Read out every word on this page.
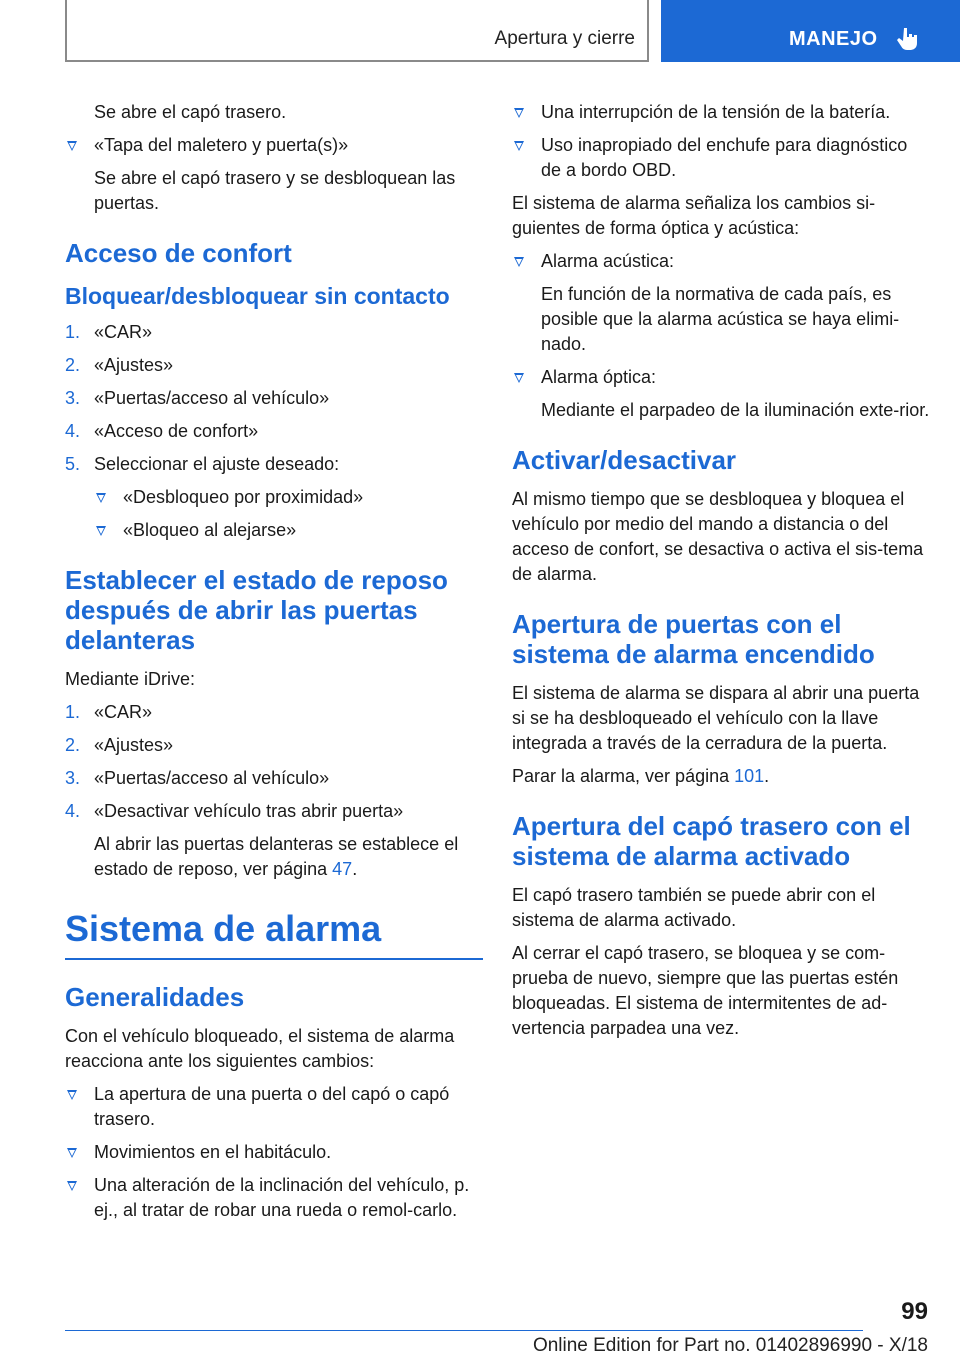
Apertura y cierre	MANEJO

Se abre el capó trasero.

«Tapa del maletero y puerta(s)»

Se abre el capó trasero y se desbloquean las puertas.

Acceso de confort
Bloquear/desbloquear sin contacto
1. «CAR»
2. «Ajustes»
3. «Puertas/acceso al vehículo»
4. «Acceso de confort»
5. Seleccionar el ajuste deseado:
«Desbloqueo por proximidad»
«Bloqueo al alejarse»
Establecer el estado de reposo después de abrir las puertas delanteras

Mediante iDrive:

1. «CAR»
2. «Ajustes»
3. «Puertas/acceso al vehículo»
4. «Desactivar vehículo tras abrir puerta»

Al abrir las puertas delanteras se establece el estado de reposo, ver página 47.

Sistema de alarma
Generalidades

Con el vehículo bloqueado, el sistema de alarma reacciona ante los siguientes cambios:

La apertura de una puerta o del capó o capó trasero.
Movimientos en el habitáculo.
Una alteración de la inclinación del vehículo, p. ej., al tratar de robar una rueda o remol-carlo.
Una interrupción de la tensión de la batería.
Uso inapropiado del enchufe para diagnóstico de a bordo OBD.

El sistema de alarma señaliza los cambios si-guientes de forma óptica y acústica:

Alarma acústica:

En función de la normativa de cada país, es posible que la alarma acústica se haya elimi-nado.

Alarma óptica:

Mediante el parpadeo de la iluminación exte-rior.

Activar/desactivar

Al mismo tiempo que se desbloquea y bloquea el vehículo por medio del mando a distancia o del acceso de confort, se desactiva o activa el sis-tema de alarma.

Apertura de puertas con el sistema de alarma encendido

El sistema de alarma se dispara al abrir una puerta si se ha desbloqueado el vehículo con la llave integrada a través de la cerradura de la puerta.

Parar la alarma, ver página 101.

Apertura del capó trasero con el sistema de alarma activado

El capó trasero también se puede abrir con el sistema de alarma activado.

Al cerrar el capó trasero, se bloquea y se com-prueba de nuevo, siempre que las puertas estén bloqueadas. El sistema de intermitentes de ad-vertencia parpadea una vez.

99
Online Edition for Part no. 01402896990 - X/18
